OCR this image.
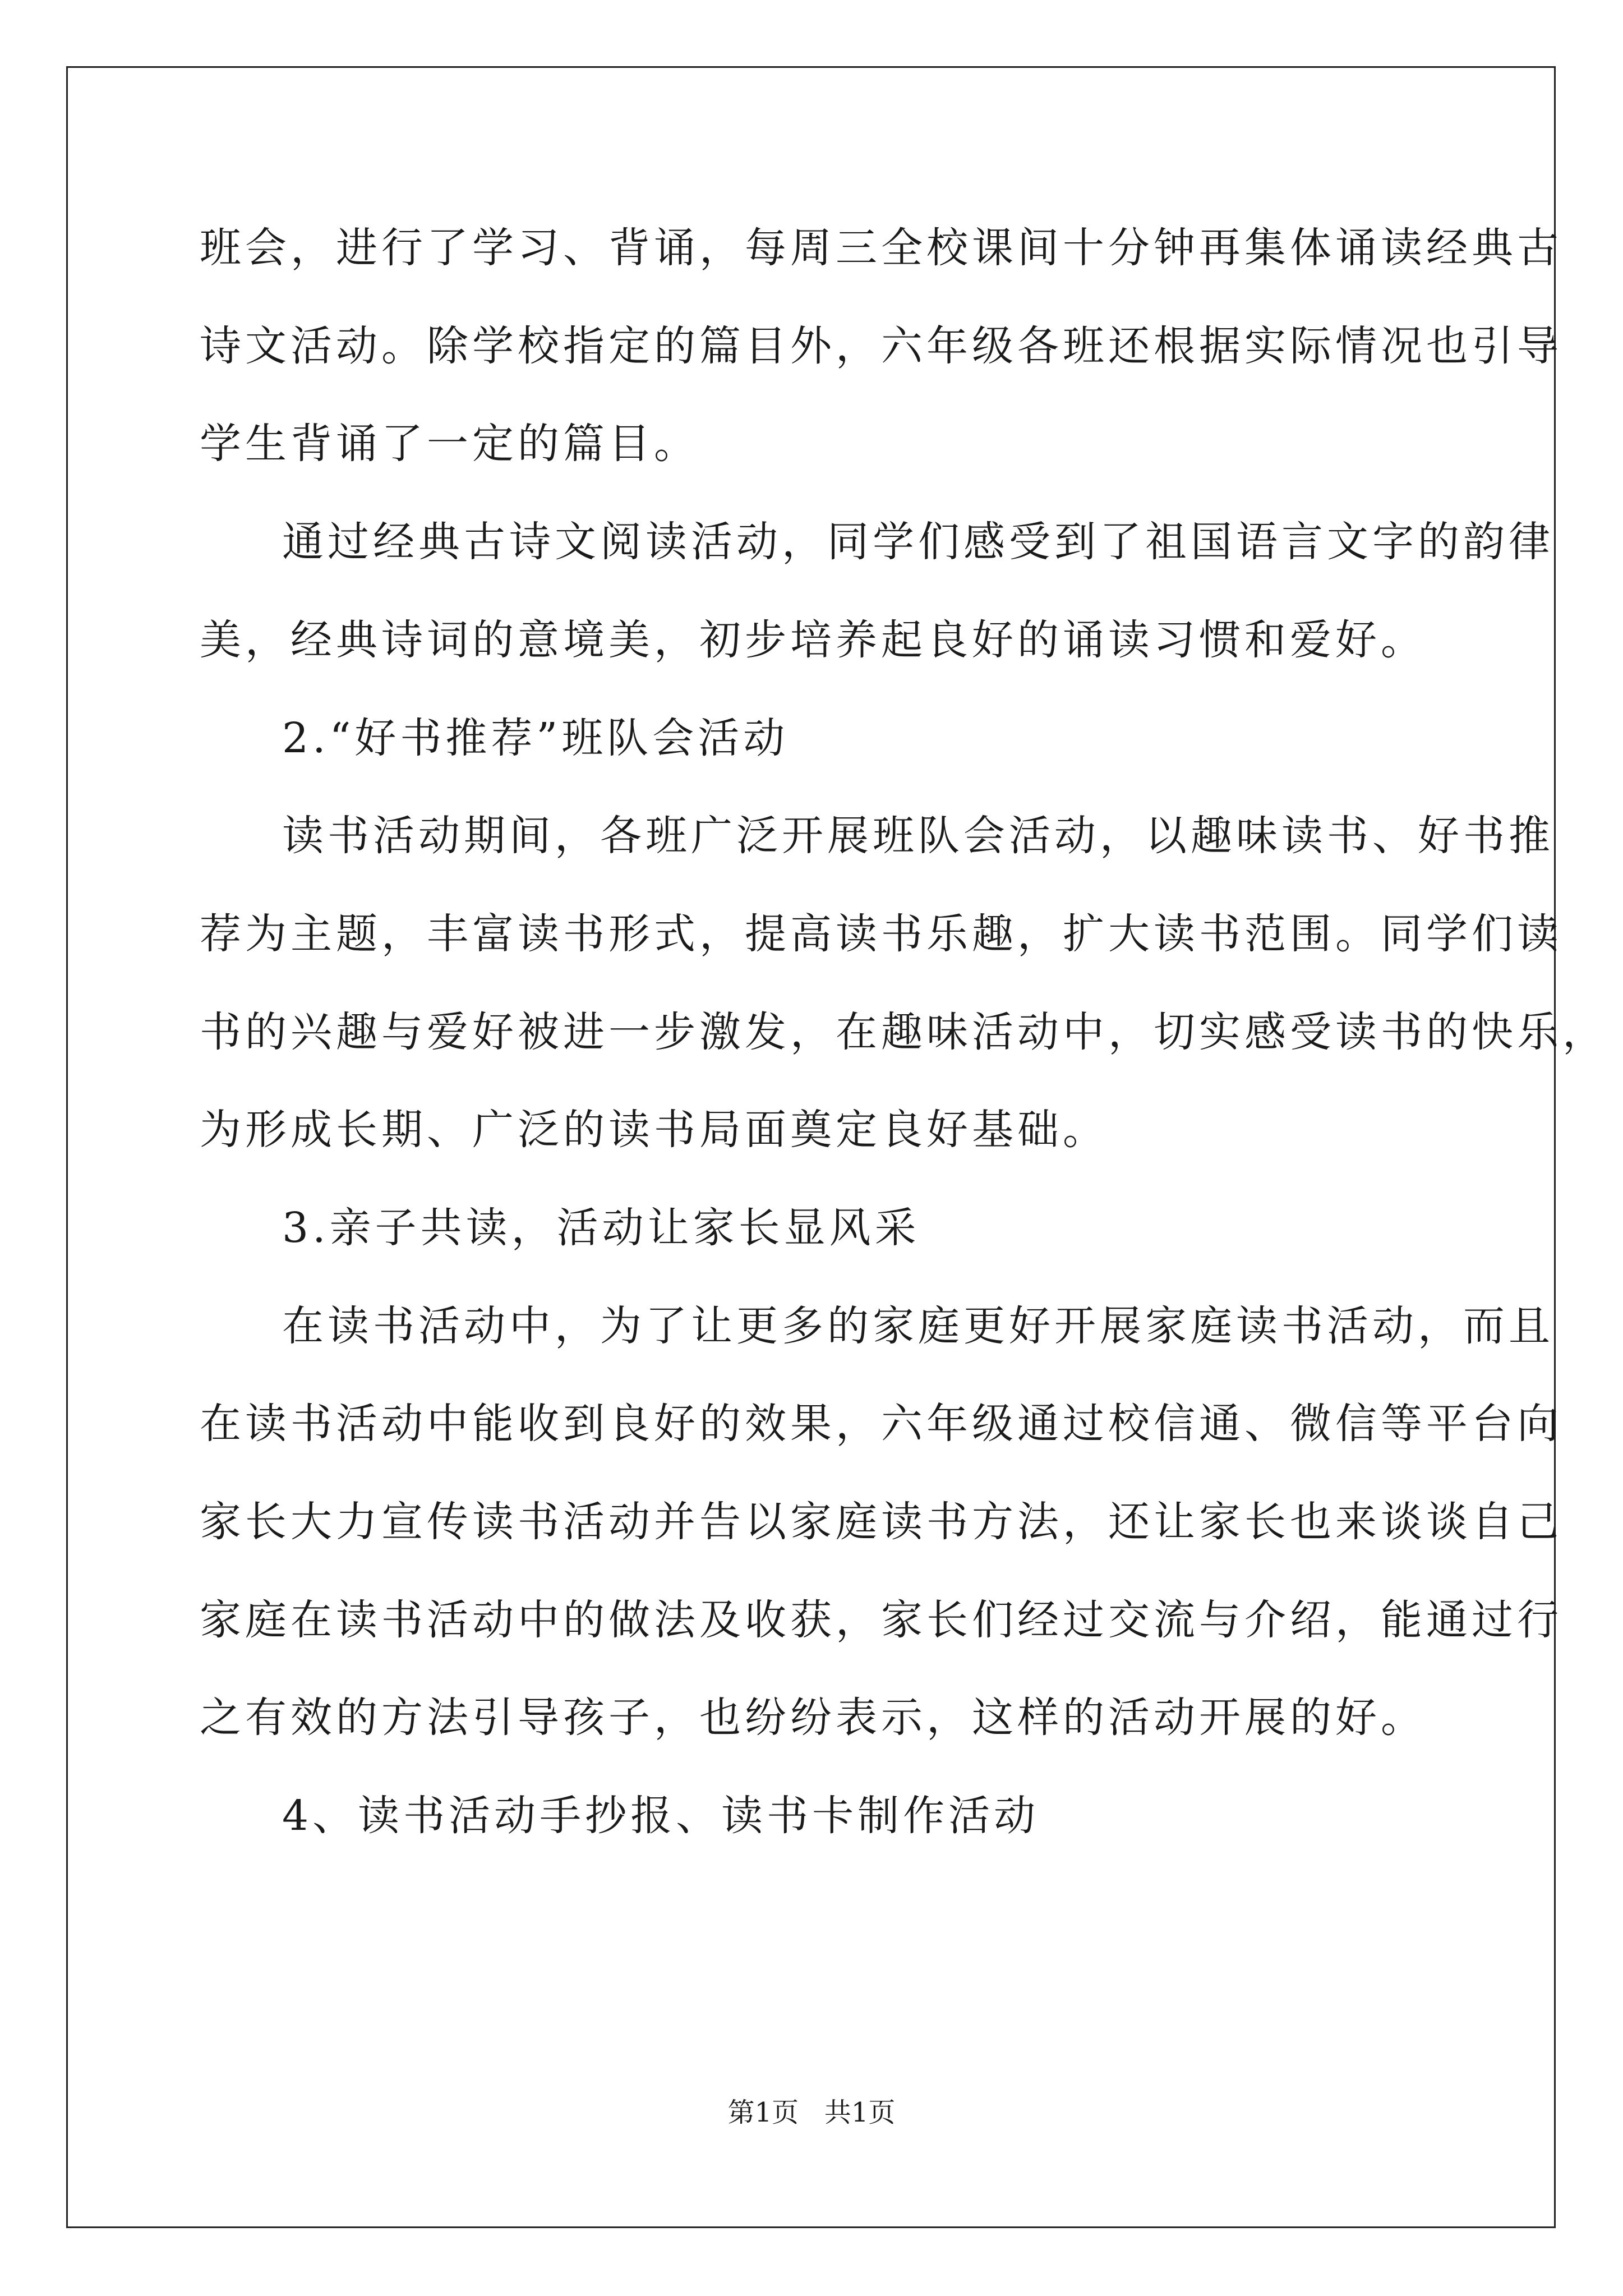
班会，进行了学习、背诵，每周三全校课间十分钟再集体诵读经典古
诗文活动。除学校指定的篇目外，六年级各班还根据实际情况也引导
学生背诵了一定的篇目。
通过经典古诗文阅读活动，同学们感受到了祖国语言文字的韵律
美，经典诗词的意境美，初步培养起良好的诵读习惯和爱好。
2.“好书推荐”班队会活动
读书活动期间，各班广泛开展班队会活动，以趣味读书、好书推
荐为主题，丰富读书形式，提高读书乐趣，扩大读书范围。同学们读
书的兴趣与爱好被进一步激发，在趣味活动中，切实感受读书的快乐，
为形成长期、广泛的读书局面奠定良好基础。
3.亲子共读，活动让家长显风采
在读书活动中，为了让更多的家庭更好开展家庭读书活动，而且
在读书活动中能收到良好的效果，六年级通过校信通、微信等平台向
家长大力宣传读书活动并告以家庭读书方法，还让家长也来谈谈自己
家庭在读书活动中的做法及收获，家长们经过交流与介绍，能通过行
之有效的方法引导孩子，也纷纷表示，这样的活动开展的好。
4、读书活动手抄报、读书卡制作活动
第1页   共1页
